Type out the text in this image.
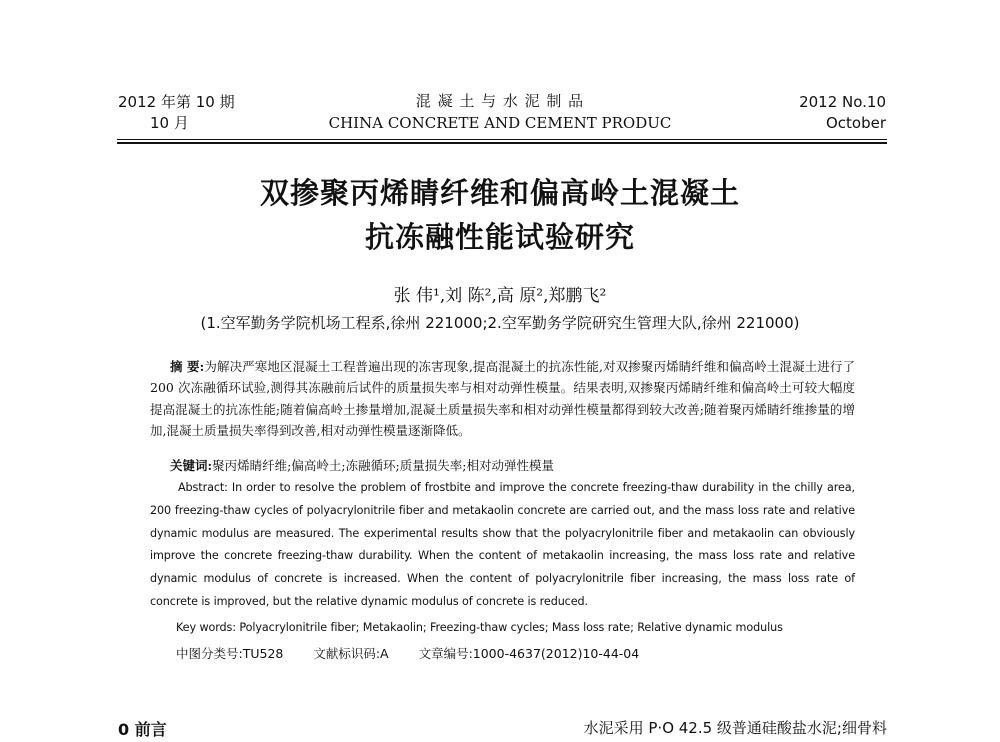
2012 年第 10 期
10 月
混 凝 土 与 水 泥 制 品
CHINA CONCRETE AND CEMENT PRODUC
2012 No.10
October
双掺聚丙烯睛纤维和偏高岭土混凝土
抗冻融性能试验研究
张 伟¹,刘 陈²,高 原²,郑鹏飞²
(1.空军勤务学院机场工程系,徐州 221000;2.空军勤务学院研究生管理大队,徐州 221000)
摘 要:为解决严寒地区混凝土工程普遍出现的冻害现象,提高混凝土的抗冻性能,对双掺聚丙烯睛纤维和偏高岭土混凝土进行了 200 次冻融循环试验,测得其冻融前后试件的质量损失率与相对动弹性模量。结果表明,双掺聚丙烯睛纤维和偏高岭土可较大幅度提高混凝土的抗冻性能;随着偏高岭土掺量增加,混凝土质量损失率和相对动弹性模量都得到较大改善;随着聚丙烯睛纤维掺量的增加,混凝土质量损失率得到改善,相对动弹性模量逐渐降低。
关键词:聚丙烯睛纤维;偏高岭土;冻融循环;质量损失率;相对动弹性模量
Abstract: In order to resolve the problem of frostbite and improve the concrete freezing-thaw durability in the chilly area, 200 freezing-thaw cycles of polyacrylonitrile fiber and metakaolin concrete are carried out, and the mass loss rate and relative dynamic modulus are measured. The experimental results show that the polyacrylonitrile fiber and metakaolin can obviously improve the concrete freezing-thaw durability. When the content of metakaolin increasing, the mass loss rate and relative dynamic modulus of concrete is increased. When the content of polyacrylonitrile fiber increasing, the mass loss rate of concrete is improved, but the relative dynamic modulus of concrete is reduced.
Key words: Polyacrylonitrile fiber; Metakaolin; Freezing-thaw cycles; Mass loss rate; Relative dynamic modulus
中图分类号:TU528 文献标识码:A 文章编号:1000-4637(2012)10-44-04
0 前言	水泥采用 P·O 42.5 级普通硅酸盐水泥;细骨料
